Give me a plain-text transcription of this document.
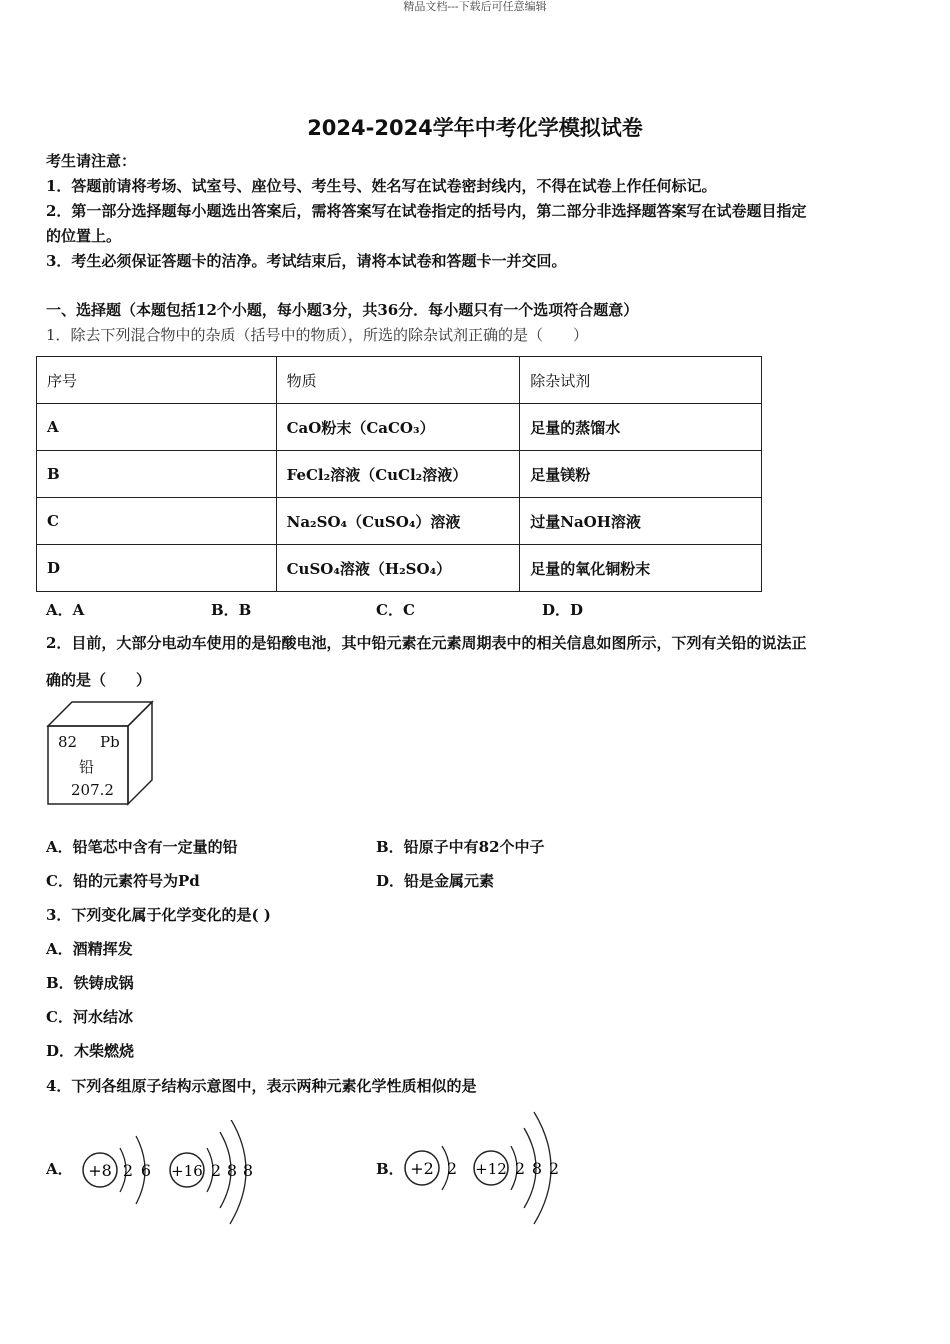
精品文档---下载后可任意编辑
2024-2024学年中考化学模拟试卷
考生请注意：
1．答题前请将考场、试室号、座位号、考生号、姓名写在试卷密封线内，不得在试卷上作任何标记。
2．第一部分选择题每小题选出答案后，需将答案写在试卷指定的括号内，第二部分非选择题答案写在试卷题目指定
的位置上。
3．考生必须保证答题卡的洁净。考试结束后，请将本试卷和答题卡一并交回。
一、选择题（本题包括12个小题，每小题3分，共36分．每小题只有一个选项符合题意）
1．除去下列混合物中的杂质（括号中的物质），所选的除杂试剂正确的是（　　）
序号	物质	除杂试剂
A	CaO粉末（CaCO₃）	足量的蒸馏水
B	FeCl₂溶液（CuCl₂溶液）	足量镁粉
C	Na₂SO₄（CuSO₄）溶液	过量NaOH溶液
D	CuSO₄溶液（H₂SO₄）	足量的氧化铜粉末
A．A	B．B	C．C	D．D
2．目前，大部分电动车使用的是铅酸电池，其中铅元素在元素周期表中的相关信息如图所示，下列有关铅的说法正
确的是（　　）
82 Pb
铅
207.2
A．铅笔芯中含有一定量的铅	B．铅原子中有82个中子
C．铅的元素符号为Pd	D．铅是金属元素
3．下列变化属于化学变化的是( )
A．酒精挥发
B．铁铸成锅
C．河水结冰
D．木柴燃烧
4．下列各组原子结构示意图中，表示两种元素化学性质相似的是
A．	B．
+8 2 6 +16 2 8 8	+2 2 +12 2 8 2
